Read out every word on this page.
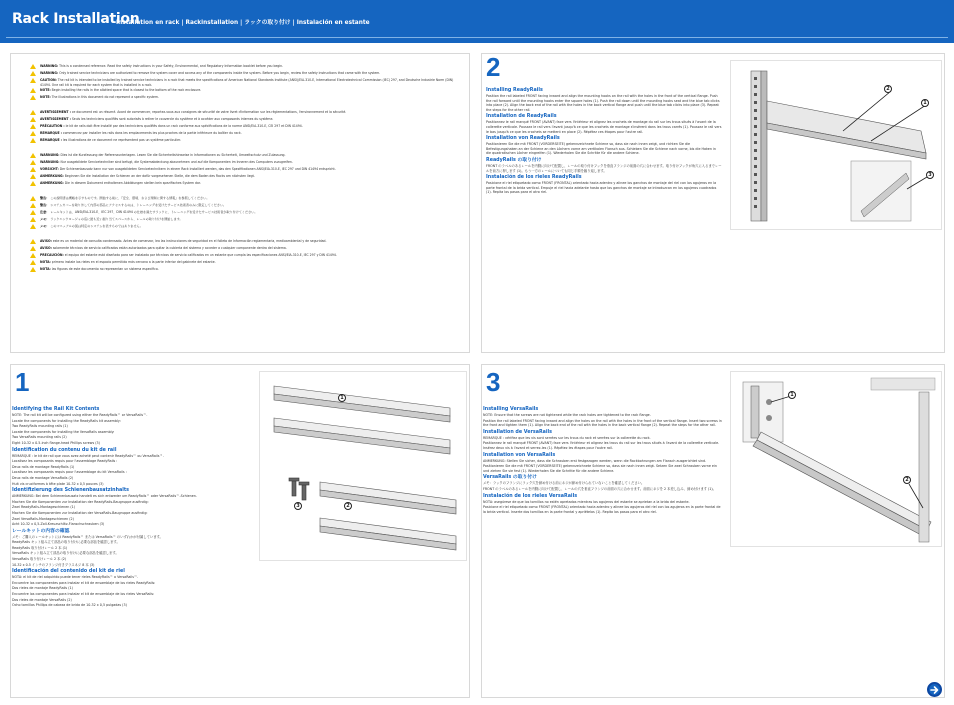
Rack Installation
Installation en rack | Rackinstallation | ラックの取り付け | Instalación en estante
WARNING: This is a condensed reference. Read the safety instructions in your Safety, Environmental, and Regulatory Information booklet before you begin.
WARNING: Only trained service technicians are authorized to remove the system cover and access any of the components inside the system. Before you begin, review the safety instructions that came with the system.
CAUTION: The rail kit is intended to be installed by trained service technicians in a rack that meets the specifications of American National Standards Institute (ANSI)/EIA-310-E, International Electrotechnical Commission (IEC) 297, and Deutsche Industrie Norm (DIN) 41494. One rail kit is required for each system that is installed in a rack.
NOTE: Begin installing the rails in the allotted space that is closest to the bottom of the rack enclosure.
NOTE: The illustrations in this document do not represent a specific system.
AVERTISSEMENT : ce document est un résumé. Avant de commencer, reportez-vous aux consignes de sécurité de votre livret d'information sur les réglementations, l'environnement et la sécurité.
AVERTISSEMENT : Seuls les techniciens qualifiés sont autorisés à retirer le couvercle du système et à accéder aux composants internes du système.
PRÉCAUTION : le kit de rails doit être installé par des techniciens qualifiés dans un rack conforme aux spécifications de la norme ANSI/EIA-310-E, CEI 297 et DIN 41494.
REMARQUE : commencez par installer les rails dans les emplacements les plus proches de la partie inférieure du boîtier du rack.
REMARQUE : les illustrations de ce document ne représentent pas un système particulier.
WARNUNG: Dies ist die Kurzfassung der Referenzunterlagen. Lesen Sie die Sicherheitshinweise in Informationen zu Sicherheit, Umweltschutz und Zulassung.
WARNUNG: Nur ausgebildete Servicetechniker sind befugt, die Systemabdeckung abzunehmen und auf die Komponenten im Inneren des Computers zuzugreifen.
VORSICHT: Der Schienenbausatz kann nur von ausgebildeten Servicetechnikern in einem Rack installiert werden, das den Spezifikationen ANSI/EIA-310-E, IEC 297 und DIN 41494 entspricht.
ANMERKUNG: Beginnen Sie die Installation der Schienen an der dafür vorgesehenen Stelle, die dem Boden des Racks am nächsten liegt.
ANMERKUNG: Die in diesem Dokument enthaltenen Abbildungen stellen kein spezifisches System dar.
警告： この説明書は概略を示すものです。開始する前に、『安全、環境、および規制に関する情報』を参照してください。
警告： システムカバーを取り外して内部の部品にアクセスするのは、トレーニングを受けたサービス技術者のみに限定してください。
注意： レールキットは、ANSI/EIA-310-E、IEC 297、DIN 41494 の仕様を満たすラックに、トレーニングを受けたサービス技術者が取り付けてください。
メモ： ラックエンクロージャの底に最も近い割り当てスペースから、レールの取り付けを開始します。
メモ： このマニュアルの図は特定のシステムを表すものではありません。
AVISO: este es un material de consulta condensado. Antes de comenzar, lea las instrucciones de seguridad en el folleto de Información reglamentaria, medioambiental y de seguridad.
AVISO: solamente técnicos de servicio calificados están autorizados para quitar la cubierta del sistema y acceder a cualquier componente dentro del sistema.
PRECAUCIÓN: el equipo del estante está diseñado para ser instalado por técnicos de servicio calificados en un estante que cumpla las especificaciones ANSI/EIA-310-E, IEC 297 y DIN 41494.
NOTA: primero instale los rieles en el espacio permitido más cercano a la parte inferior del gabinete del estante.
NOTA: las figuras de este documento no representan un sistema específico.
2
Installing ReadyRails
Position the rail labeled FRONT facing inward and align the mounting hooks on the rail with the holes in the front of the vertical flange. Push the rail forward until the mounting hooks enter the square holes (1). Push the rail down until the mounting hooks seat and the blue tab clicks into place (2). Align the back end of the rail with the holes in the back vertical flange and push until the blue tab clicks into place (3). Repeat the steps for the other rail.
Installation de ReadyRails
Positionnez le rail marqué FRONT (AVANT) face vers l'intérieur et alignez les crochets de montage du rail sur les trous situés à l'avant de la collerette verticale. Poussez le rail vers l'avant jusqu'à ce que les crochets de montage s'insèrent dans les trous carrés (1). Poussez le rail vers le bas jusqu'à ce que les crochets se mettent en place (2). Répétez ces étapes pour l'autre rail.
Installation von ReadyRails
Positionieren Sie die mit FRONT (VORDERSEITE) gekennzeichnete Schiene so, dass sie nach innen zeigt, und richten Sie die Befestigungshaken an der Schiene an den Löchern vorne am vertikalen Flansch aus. Schieben Sie die Schiene nach vorne, bis die Haken in die quadratischen Löcher eingreifen (1). Wiederholen Sie die Schritte für die andere Schiene.
ReadyRails の取り付け
FRONT のラベルのあるレールを内側に向けて配置し、レールの取り付けフックを垂直フランジの前面の穴に合わせます。取り付けフックが角穴に入るまでレールを前方に押します (1)。もう一方のレールについても同じ手順を繰り返します。
Instalación de los rieles ReadyRails
Posicione el riel etiquetado como FRONT (FRONTAL) orientado hacia adentro y alinee los ganchos de montaje del riel con los agujeros en la parte frontal de la brida vertical. Empuje el riel hacia adelante hasta que los ganchos de montaje se introduzcan en los agujeros cuadrados (1). Repita los pasos para el otro riel.
2
1
3
1
Identifying the Rail Kit Contents
NOTE: The rail kit will be configured using either the ReadyRails™ or VersaRails™.
Locate the components for installing the ReadyRails kit assembly:
Two ReadyRails mounting rails (1)
Locate the components for installing the VersaRails assembly:
Two VersaRails mounting rails (2)
Eight 10-32 x 0.5-inch flange-head Phillips screws (3)
Identification du contenu du kit de rail
REMARQUE : le kit de rail que vous avez acheté peut contenir ReadyRails™ ou VersaRails™.
Localisez les composants requis pour l'assemblage ReadyRails :
Deux rails de montage ReadyRails (1)
Localisez les composants requis pour l'assemblage du kit VersaRails :
Deux rails de montage VersaRails (2)
Huit vis cruciformes à tête plate 10-32 x 0,5 pouces (3)
Identifizierung des Schienenbausatzinhalts
ANMERKUNG: Bei dem Schienenbausatz handelt es sich entweder um ReadyRails™ oder VersaRails™-Schienen.
Machen Sie die Komponenten zur Installation der ReadyRails-Baugruppe ausfindig:
Zwei ReadyRails-Montageschienen (1)
Machen Sie die Komponenten zur Installation der VersaRails-Baugruppe ausfindig:
Zwei VersaRails-Montageschienen (2)
Acht 10-32 x 0,5-Zoll-Kreuzschlitz-Flanschschrauben (3)
レールキットの内容の確認
メモ：ご購入のレールキットには ReadyRails™ または VersaRails™ のいずれかが付属しています。
ReadyRails キット組み立て部品の取り付けに必要な部品を確認します。
ReadyRails 取り付けレール 2 本 (1)
VersaRails キット組み立て部品の取り付けに必要な部品を確認します。
VersaRails 取り付けレール 2 本 (2)
10-32 x 0.5 インチのフランジ付きプラスネジ 8 本 (3)
Identificación del contenido del kit de riel
NOTA: el kit de riel adquirido puede tener rieles ReadyRails™ o VersaRails™.
Encuentre los componentes para instalar el kit de ensamblaje de los rieles ReadyRails:
Dos rieles de montaje ReadyRails (1)
Encuentre los componentes para instalar el kit de ensamblaje de los rieles VersaRails:
Dos rieles de montaje VersaRails (2)
Ocho tornillos Phillips de cabeza de brida de 10-32 x 0,5 pulgadas (3)
1
2
3
3
Installing VersaRails
NOTE: Ensure that the screws are not tightened while the rack holes are tightened to the rack flange.
Position the rail labeled FRONT facing inward and align the holes on the rail with the holes in the front of the vertical flange. Insert two screws in the front and tighten them (1). Align the back end of the rail with the holes in the back vertical flange (2). Repeat the steps for the other rail.
Installation de VersaRails
REMARQUE : vérifiez que les vis sont serrées sur les trous du rack et serrées sur la collerette du rack.
Positionnez le rail marqué FRONT (AVANT) face vers l'intérieur et alignez les trous du rail sur les trous situés à l'avant de la collerette verticale. Insérez deux vis à l'avant et serrez-les (1). Répétez les étapes pour l'autre rail.
Installation von VersaRails
ANMERKUNG: Stellen Sie sicher, dass die Schrauben erst festgezogen werden, wenn die Rackbohrungen am Flansch ausgerichtet sind.
Positionieren Sie die mit FRONT (VORDERSEITE) gekennzeichnete Schiene so, dass sie nach innen zeigt. Setzen Sie zwei Schrauben vorne ein und ziehen Sie sie fest (1). Wiederholen Sie die Schritte für die andere Schiene.
VersaRails の取り付け
メモ：ラックのフランジにラック穴を締め付ける前にネジが締め付けられていないことを確認してください。
FRONT のラベルのあるレールを内側に向けて配置し、レールの穴を垂直フランジの前面の穴に合わせます。前面にネジを 2 本差し込み、締め付けます (1)。
Instalación de los rieles VersaRails
NOTA: asegúrese de que los tornillos no estén apretados mientras los agujeros del estante se aprietan a la brida del estante.
Posicione el riel etiquetado como FRONT (FRONTAL) orientado hacia adentro y alinee los agujeros del riel con los agujeros en la parte frontal de la brida vertical. Inserte dos tornillos en la parte frontal y apriételos (1). Repita los pasos para el otro riel.
1
2
